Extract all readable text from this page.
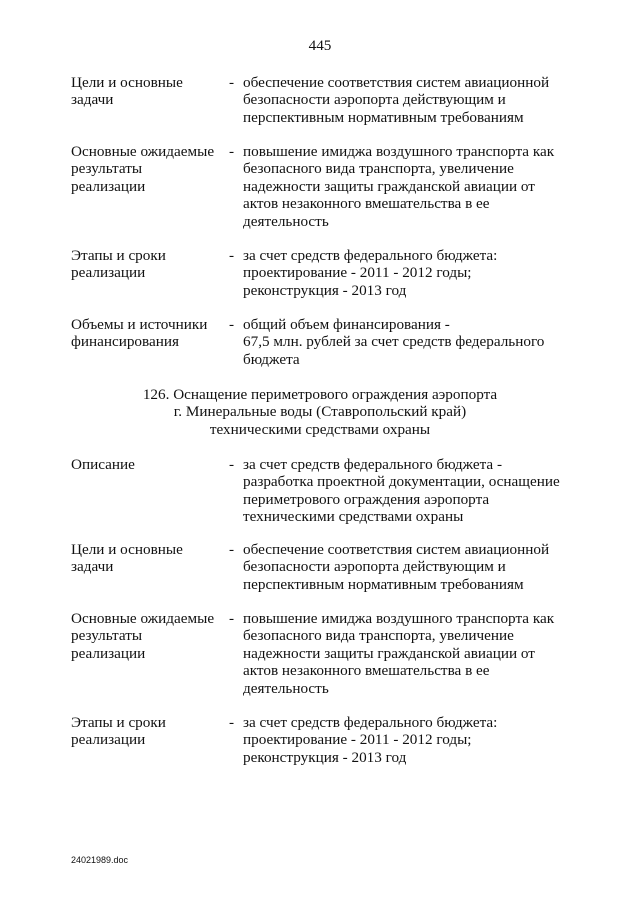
445
Цели и основные
задачи
- обеспечение соответствия систем авиационной
безопасности аэропорта действующим и
перспективным нормативным требованиям
Основные ожидаемые
результаты
реализации
- повышение имиджа воздушного транспорта как
безопасного вида транспорта, увеличение
надежности защиты гражданской авиации от
актов незаконного вмешательства в ее
деятельность
Этапы и сроки
реализации
- за счет средств федерального бюджета:
проектирование - 2011 - 2012 годы;
реконструкция - 2013 год
Объемы и источники
финансирования
- общий объем финансирования -
67,5 млн. рублей за счет средств федерального
бюджета
126. Оснащение периметрового ограждения аэропорта
г. Минеральные воды (Ставропольский край)
техническими средствами охраны
Описание	- за счет средств федерального бюджета -
разработка проектной документации, оснащение
периметрового ограждения аэропорта
техническими средствами охраны
Цели и основные
задачи
- обеспечение соответствия систем авиационной
безопасности аэропорта действующим и
перспективным нормативным требованиям
Основные ожидаемые
результаты
реализации
- повышение имиджа воздушного транспорта как
безопасного вида транспорта, увеличение
надежности защиты гражданской авиации от
актов незаконного вмешательства в ее
деятельность
Этапы и сроки
реализации
- за счет средств федерального бюджета:
проектирование - 2011 - 2012 годы;
реконструкция - 2013 год
24021989.doc
